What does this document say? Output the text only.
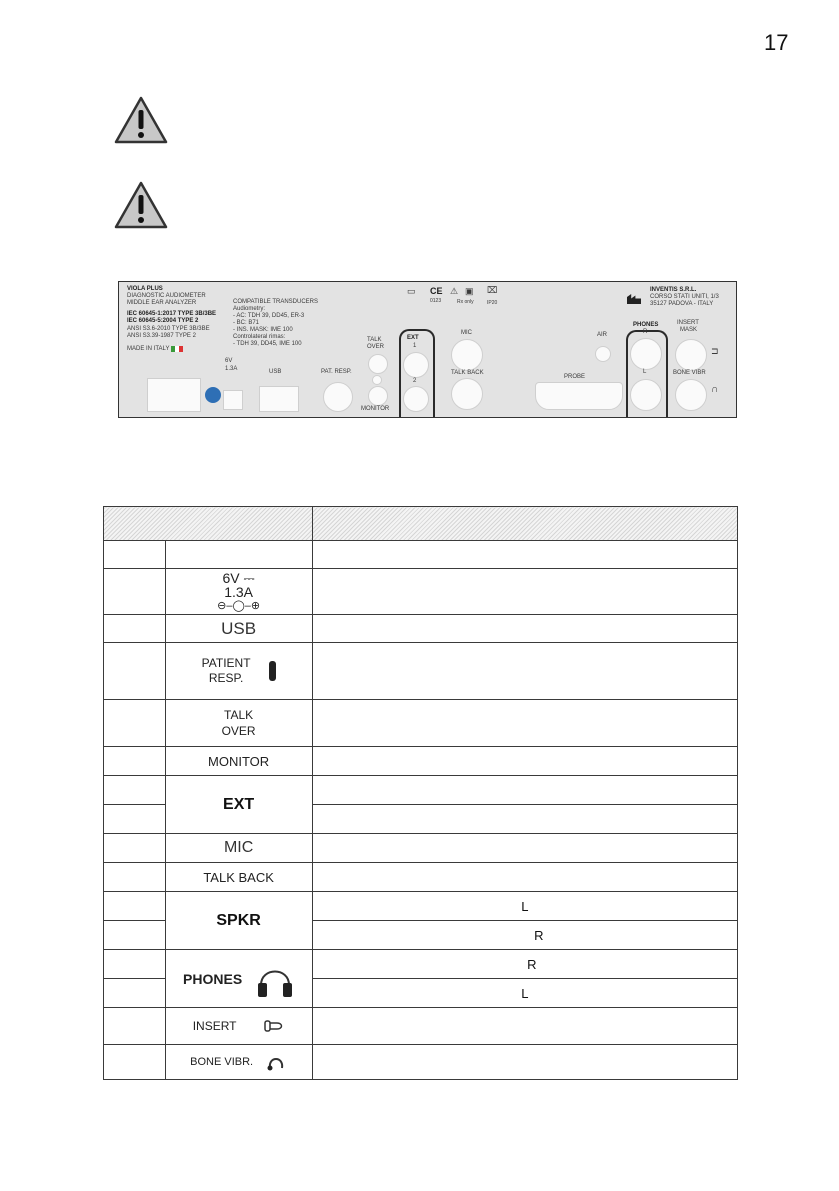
17
VIOLA PLUS
DIAGNOSTIC AUDIOMETER
MIDDLE EAR ANALYZER
IEC 60645-1:2017 TYPE 3B/3BE
IEC 60645-5:2004 TYPE 2
ANSI S3.6-2010 TYPE 3B/3BE
ANSI S3.39-1987 TYPE 2
MADE IN ITALY
COMPATIBLE TRANSDUCERS
Audiometry:
- AC: TDH 39, DD45, ER-3
- BC: B71
- INS. MASK: IME 100
Controlateral rimas:
- TDH 39, DD45, IME 100
6V
1.3A	USB	PAT. RESP.
TALK
OVER
MONITOR
EXT
1
2
MIC
TALK BACK
PROBE
AIR
PHONES
R
L
INSERT
MASK
⊐
BONE VIBR
∩
INVENTIS S.R.L.
CORSO STATI UNITI, 1/3
35127 PADOVA - ITALY
▭ CE
0123
⚠ ▣
Rx only
⌧
IP20

	6V ⎓
1.3A
⊖–◯–⊕	

	USB	

	PATIENT
RESP.	

	TALK
OVER	

	MONITOR	
	EXT	

	MIC	
	TALK BACK	
	SPKR	L
		R

	PHONES	R
		L

	INSERT	

	BONE VIBR.	
